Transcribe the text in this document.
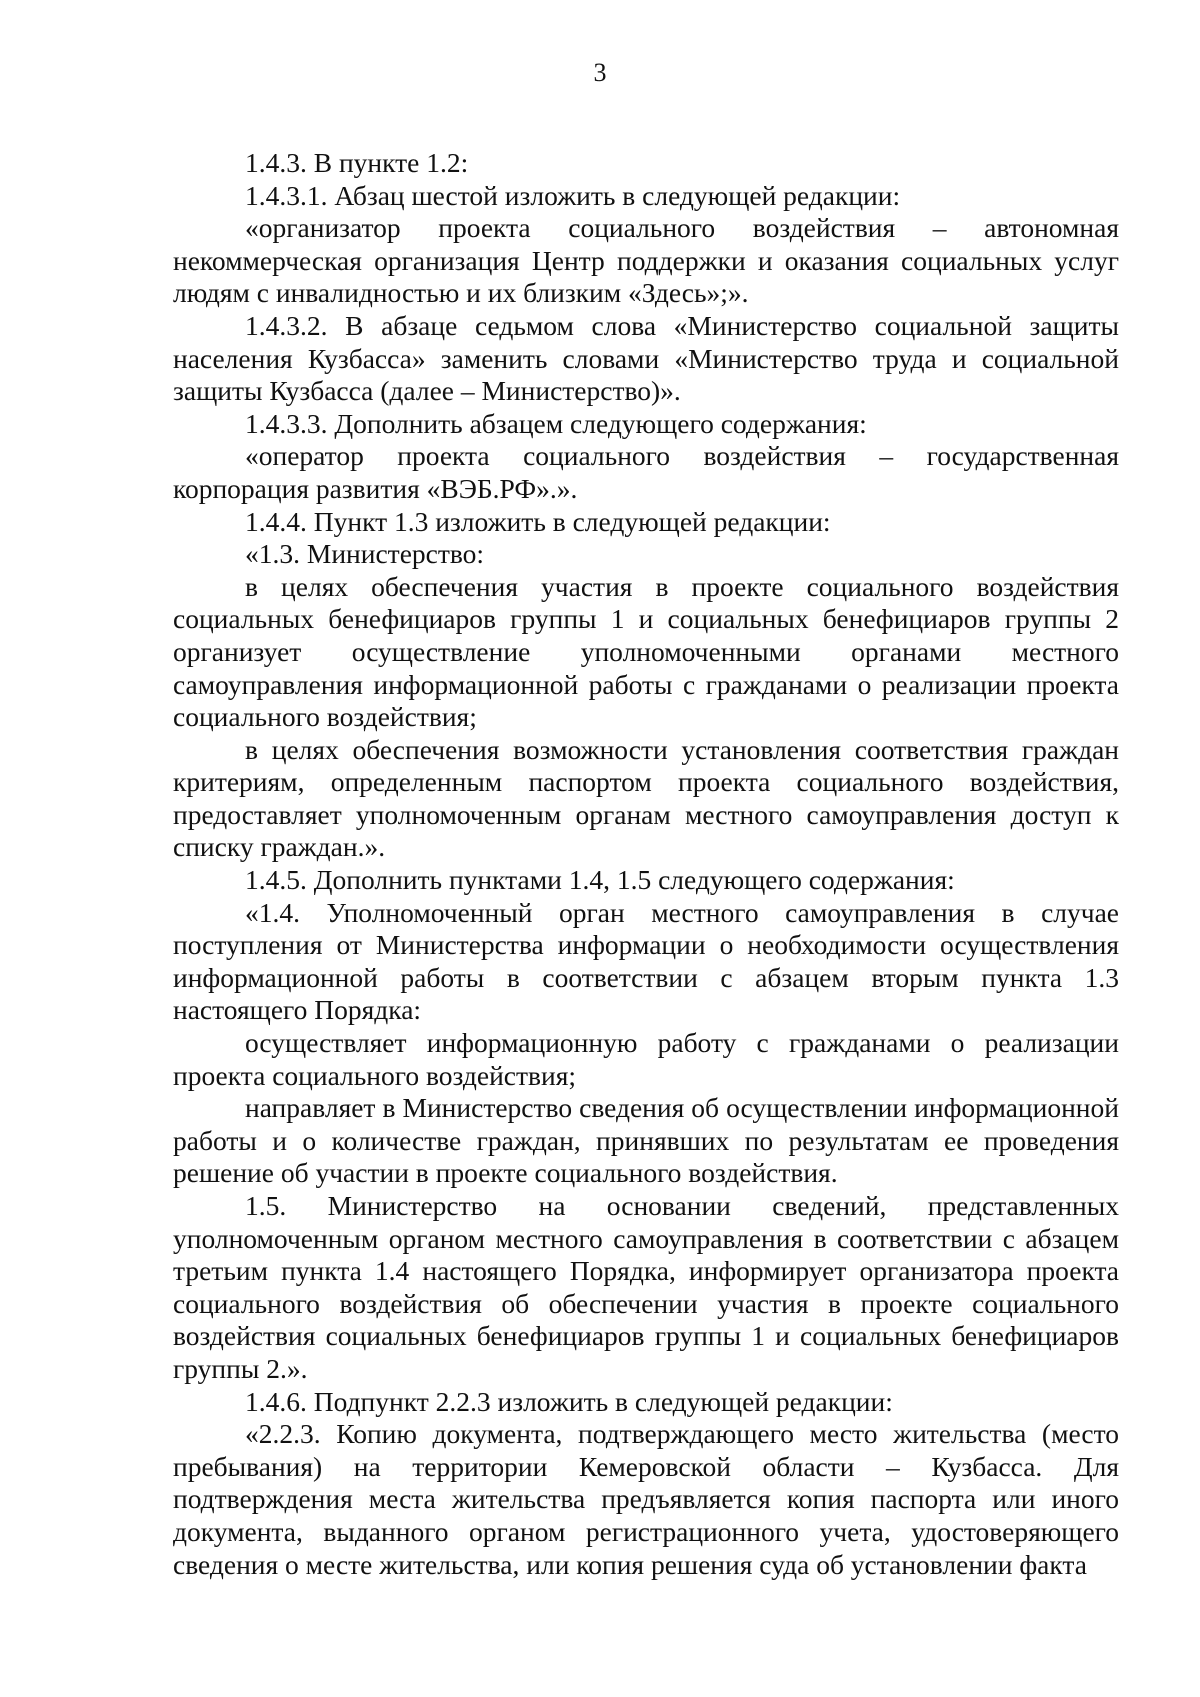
3

1.4.3. В пункте 1.2:

1.4.3.1. Абзац шестой изложить в следующей редакции:

«организатор проекта социального воздействия – автономная некоммерческая организация Центр поддержки и оказания социальных услуг людям с инвалидностью и их близким «Здесь»;».

1.4.3.2. В абзаце седьмом слова «Министерство социальной защиты населения Кузбасса» заменить словами «Министерство труда и социальной защиты Кузбасса (далее – Министерство)».

1.4.3.3. Дополнить абзацем следующего содержания:

«оператор проекта социального воздействия – государственная корпорация развития «ВЭБ.РФ».».

1.4.4. Пункт 1.3 изложить в следующей редакции:

«1.3. Министерство:

в целях обеспечения участия в проекте социального воздействия социальных бенефициаров группы 1 и социальных бенефициаров группы 2 организует осуществление уполномоченными органами местного самоуправления информационной работы с гражданами о реализации проекта социального воздействия;

в целях обеспечения возможности установления соответствия граждан критериям, определенным паспортом проекта социального воздействия, предоставляет уполномоченным органам местного самоуправления доступ к списку граждан.».

1.4.5. Дополнить пунктами 1.4, 1.5 следующего содержания:

«1.4. Уполномоченный орган местного самоуправления в случае поступления от Министерства информации о необходимости осуществления информационной работы в соответствии с абзацем вторым пункта 1.3 настоящего Порядка:

осуществляет информационную работу с гражданами о реализации проекта социального воздействия;

направляет в Министерство сведения об осуществлении информационной работы и о количестве граждан, принявших по результатам ее проведения решение об участии в проекте социального воздействия.

1.5. Министерство на основании сведений, представленных уполномоченным органом местного самоуправления в соответствии с абзацем третьим пункта 1.4 настоящего Порядка, информирует организатора проекта социального воздействия об обеспечении участия в проекте социального воздействия социальных бенефициаров группы 1 и социальных бенефициаров группы 2.».

1.4.6. Подпункт 2.2.3 изложить в следующей редакции:

«2.2.3. Копию документа, подтверждающего место жительства (место пребывания) на территории Кемеровской области – Кузбасса. Для подтверждения места жительства предъявляется копия паспорта или иного документа, выданного органом регистрационного учета, удостоверяющего сведения о месте жительства, или копия решения суда об установлении факта
